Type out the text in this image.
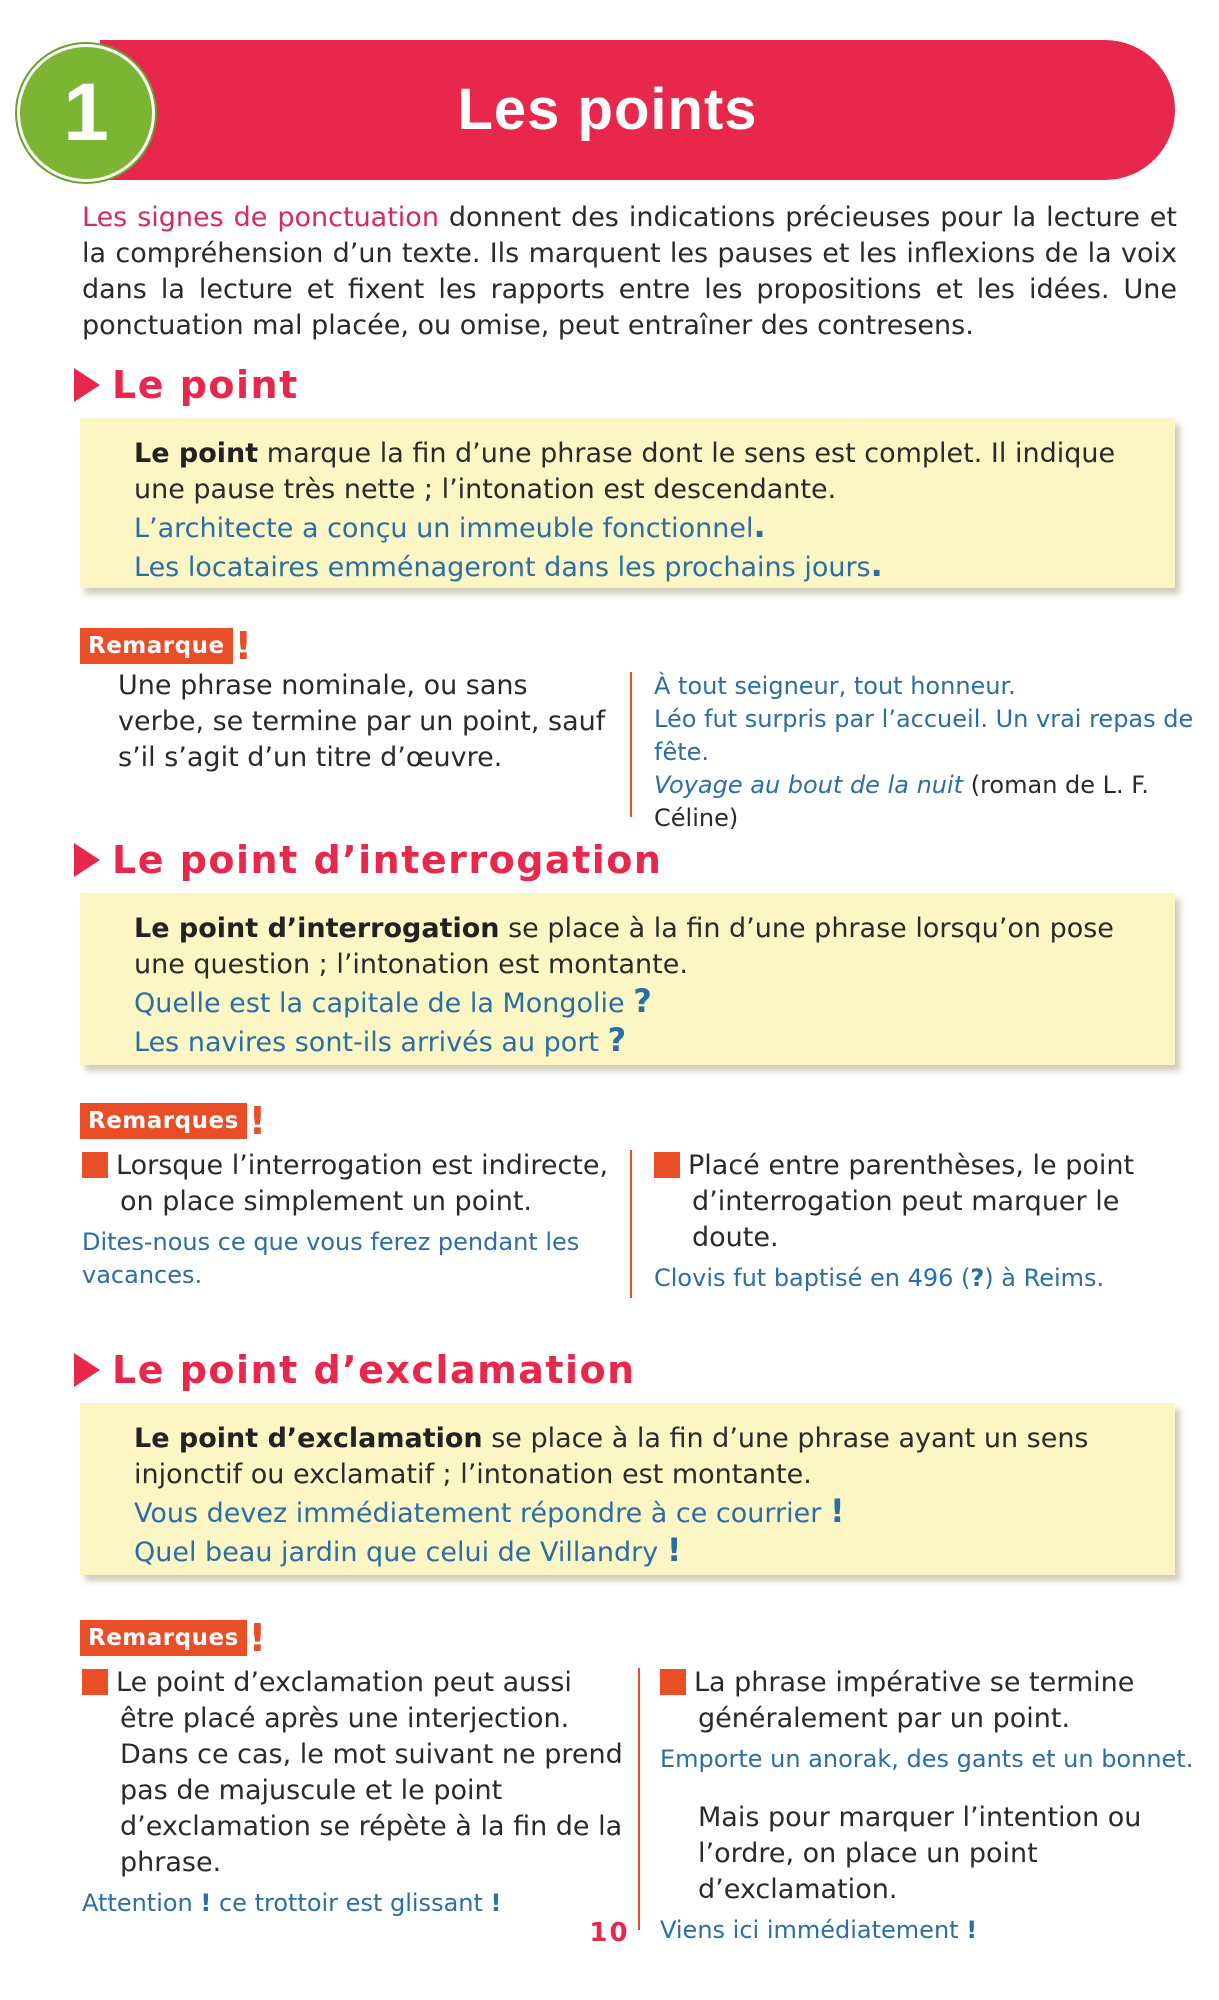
Les points
1

Les signes de ponctuation donnent des indications précieuses pour la lecture et la compréhension d’un texte. Ils marquent les pauses et les inflexions de la voix dans la lecture et fixent les rapports entre les propositions et les idées. Une ponctuation mal placée, ou omise, peut entraîner des contresens.

Le point

Le point marque la fin d’une phrase dont le sens est complet. Il indique une pause très nette ; l’intonation est descendante.

L’architecte a conçu un immeuble fonctionnel.

Les locataires emménageront dans les prochains jours.

Remarque !

Une phrase nominale, ou sans verbe, se termine par un point, sauf s’il s’agit d’un titre d’œuvre.

À tout seigneur, tout honneur.

Léo fut surpris par l’accueil. Un vrai repas de fête.

Voyage au bout de la nuit (roman de L. F. Céline)

Le point d’interrogation

Le point d’interrogation se place à la fin d’une phrase lorsqu’on pose une question ; l’intonation est montante.

Quelle est la capitale de la Mongolie ?

Les navires sont-ils arrivés au port ?

Remarques !

1 Lorsque l’interrogation est indirecte, on place simplement un point.

Dites-nous ce que vous ferez pendant les vacances.

2 Placé entre parenthèses, le point d’interrogation peut marquer le doute.

Clovis fut baptisé en 496 (?) à Reims.

Le point d’exclamation

Le point d’exclamation se place à la fin d’une phrase ayant un sens injonctif ou exclamatif ; l’intonation est montante.

Vous devez immédiatement répondre à ce courrier !

Quel beau jardin que celui de Villandry !

Remarques !

1 Le point d’exclamation peut aussi être placé après une interjection. Dans ce cas, le mot suivant ne prend pas de majuscule et le point d’exclamation se répète à la fin de la phrase.

Attention ! ce trottoir est glissant !

2 La phrase impérative se termine généralement par un point.

Emporte un anorak, des gants et un bonnet.

Mais pour marquer l’intention ou l’ordre, on place un point d’exclamation.

Viens ici immédiatement !

10
